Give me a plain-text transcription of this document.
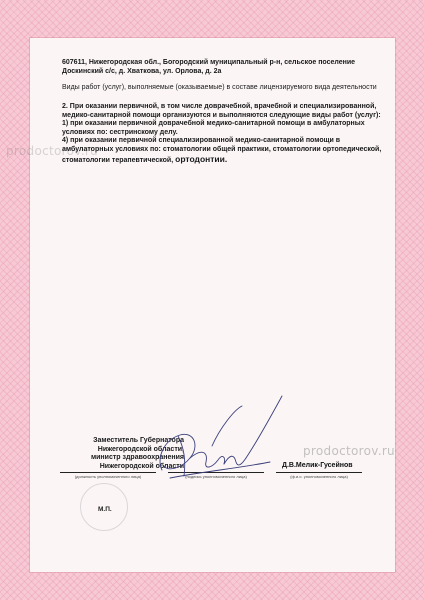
prodoctorov.ru
prodoctorov.ru
607611, Нижегородская обл., Богородский муниципальный р-н, сельское поселение Доскинский с/с, д. Хваткова, ул. Орлова, д. 2а
Виды работ (услуг), выполняемые (оказываемые) в составе лицензируемого вида деятельности
2. При оказании первичной, в том числе доврачебной, врачебной и специализированной, медико-санитарной помощи организуются и выполняются следующие виды работ (услуг):
1) при оказании первичной доврачебной медико-санитарной помощи в амбулаторных условиях по: сестринскому делу.
4) при оказании первичной специализированной медико-санитарной помощи в амбулаторных условиях по: стоматологии общей практики, стоматологии ортопедической, стоматологии терапевтической, ортодонтии.
Заместитель Губернатора
Нижегородской области,
министр здравоохранения
Нижегородской области
(должность уполномоченного лица)	(подпись уполномоченного лица)
Д.В.Мелик-Гусейнов
(ф.и.о. уполномоченного лица)
М.П.
